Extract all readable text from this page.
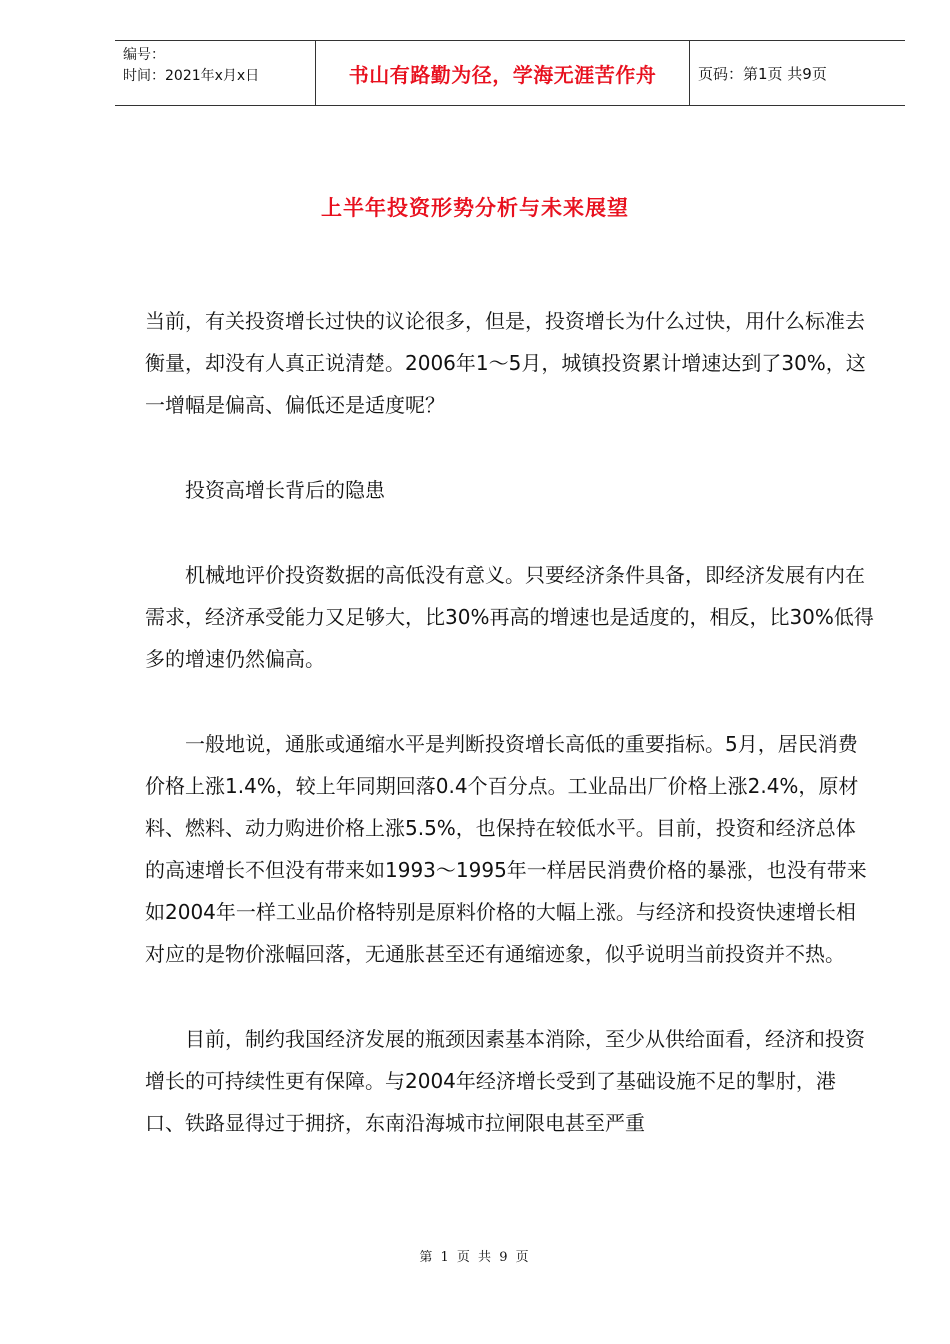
编号：
时间：2021年x月x日	书山有路勤为径，学海无涯苦作舟	页码：第1页 共9页
上半年投资形势分析与未来展望

当前，有关投资增长过快的议论很多，但是，投资增长为什么过快，用什么标准去衡量，却没有人真正说清楚。2006年1～5月，城镇投资累计增速达到了30%，这一增幅是偏高、偏低还是适度呢？

投资高增长背后的隐患

机械地评价投资数据的高低没有意义。只要经济条件具备，即经济发展有内在需求，经济承受能力又足够大，比30%再高的增速也是适度的，相反，比30%低得多的增速仍然偏高。

一般地说，通胀或通缩水平是判断投资增长高低的重要指标。5月，居民消费价格上涨1.4%，较上年同期回落0.4个百分点。工业品出厂价格上涨2.4%，原材料、燃料、动力购进价格上涨5.5%，也保持在较低水平。目前，投资和经济总体的高速增长不但没有带来如1993～1995年一样居民消费价格的暴涨，也没有带来如2004年一样工业品价格特别是原料价格的大幅上涨。与经济和投资快速增长相对应的是物价涨幅回落，无通胀甚至还有通缩迹象，似乎说明当前投资并不热。

目前，制约我国经济发展的瓶颈因素基本消除，至少从供给面看，经济和投资增长的可持续性更有保障。与2004年经济增长受到了基础设施不足的掣肘，港口、铁路显得过于拥挤，东南沿海城市拉闸限电甚至严重

第 1 页 共 9 页
